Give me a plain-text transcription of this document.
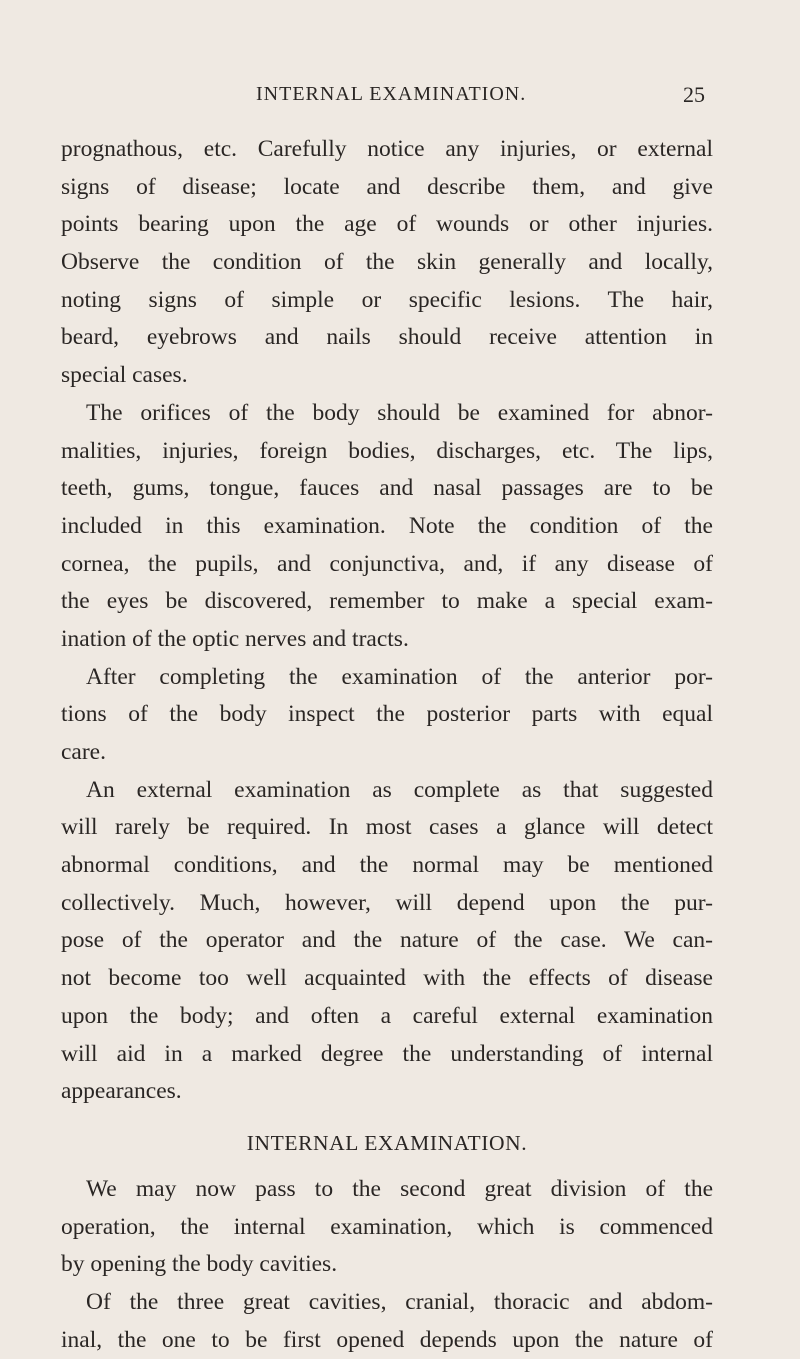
INTERNAL EXAMINATION.	25
prognathous, etc. Carefully notice any injuries, or external
signs of disease; locate and describe them, and give
points bearing upon the age of wounds or other injuries.
Observe the condition of the skin generally and locally,
noting signs of simple or specific lesions. The hair,
beard, eyebrows and nails should receive attention in
special cases.
The orifices of the body should be examined for abnor-
malities, injuries, foreign bodies, discharges, etc. The lips,
teeth, gums, tongue, fauces and nasal passages are to be
included in this examination. Note the condition of the
cornea, the pupils, and conjunctiva, and, if any disease of
the eyes be discovered, remember to make a special exam-
ination of the optic nerves and tracts.
After completing the examination of the anterior por-
tions of the body inspect the posterior parts with equal
care.
An external examination as complete as that suggested
will rarely be required. In most cases a glance will detect
abnormal conditions, and the normal may be mentioned
collectively. Much, however, will depend upon the pur-
pose of the operator and the nature of the case. We can-
not become too well acquainted with the effects of disease
upon the body; and often a careful external examination
will aid in a marked degree the understanding of internal
appearances.
INTERNAL EXAMINATION.
We may now pass to the second great division of the
operation, the internal examination, which is commenced
by opening the body cavities.
Of the three great cavities, cranial, thoracic and abdom-
inal, the one to be first opened depends upon the nature of
